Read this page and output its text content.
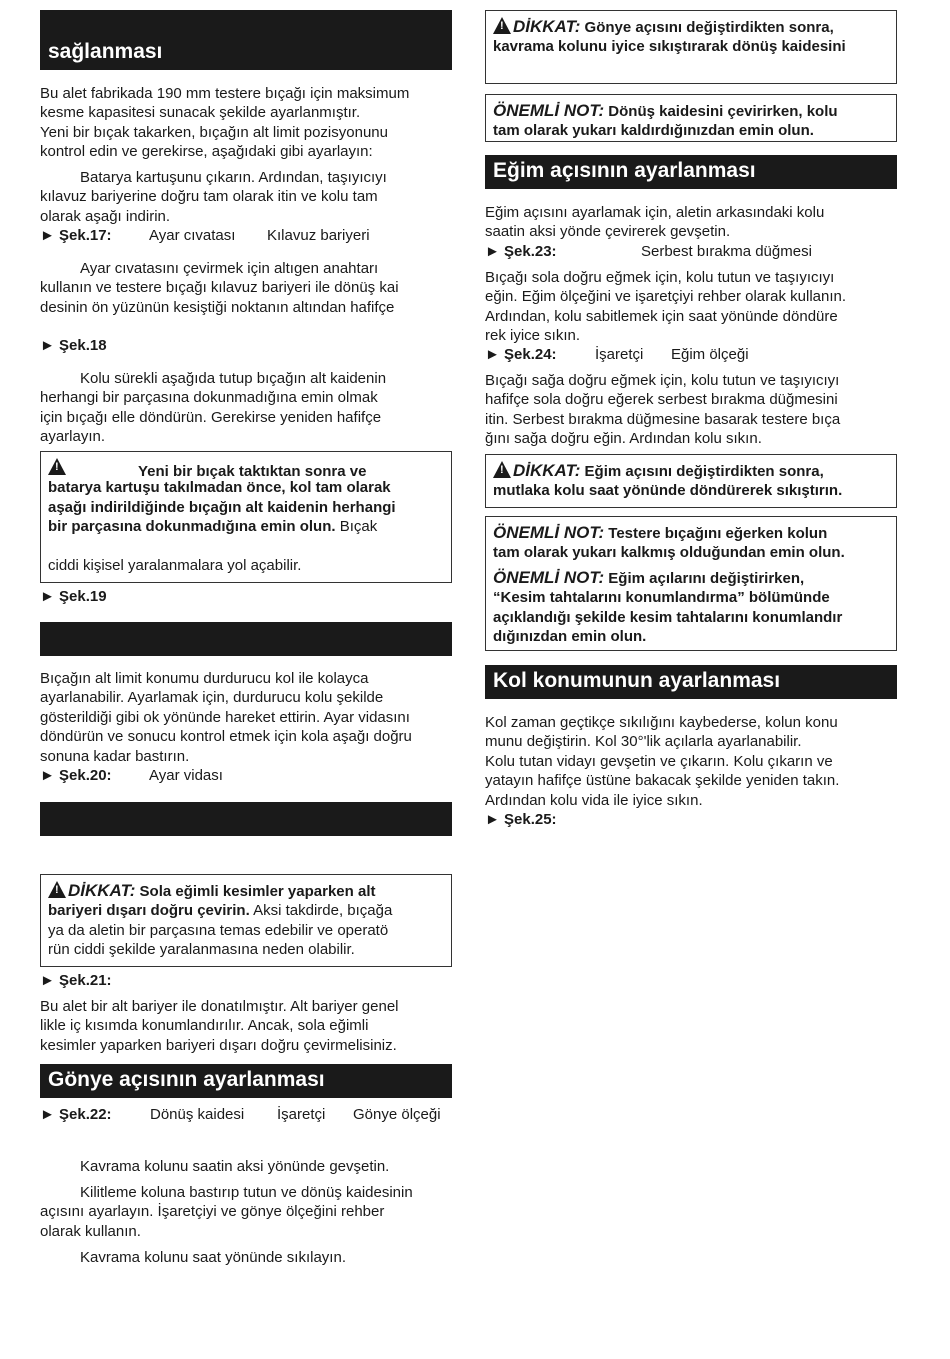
sağlanması

Bu alet fabrikada 190 mm testere bıçağı için maksimum

kesme kapasitesi sunacak şekilde ayarlanmıştır.

Yeni bir bıçak takarken, bıçağın alt limit pozisyonunu

kontrol edin ve gerekirse, aşağıdaki gibi ayarlayın:

Batarya kartuşunu çıkarın. Ardından, taşıyıcıyı

kılavuz bariyerine doğru tam olarak itin ve kolu tam

olarak aşağı indirin.

► Şek.17: Ayar cıvatası Kılavuz bariyeri

Ayar cıvatasını çevirmek için altıgen anahtarı

kullanın ve testere bıçağı kılavuz bariyeri ile dönüş kai

desinin ön yüzünün kesiştiği noktanın altından hafifçe

► Şek.18

Kolu sürekli aşağıda tutup bıçağın alt kaidenin

herhangi bir parçasına dokunmadığına emin olmak

için bıçağı elle döndürün. Gerekirse yeniden hafifçe

ayarlayın.

!
Yeni bir bıçak taktıktan sonra ve

batarya kartuşu takılmadan önce, kol tam olarak

aşağı indirildiğinde bıçağın alt kaidenin herhangi

bir parçasına dokunmadığına emin olun. Bıçak

ciddi kişisel yaralanmalara yol açabilir.

► Şek.19

Bıçağın alt limit konumu durdurucu kol ile kolayca

ayarlanabilir. Ayarlamak için, durdurucu kolu şekilde

gösterildiği gibi ok yönünde hareket ettirin. Ayar vidasını

döndürün ve sonucu kontrol etmek için kola aşağı doğru

sonuna kadar bastırın.

► Şek.20: Ayar vidası

!DİKKAT: Sola eğimli kesimler yaparken alt

bariyeri dışarı doğru çevirin. Aksi takdirde, bıçağa

ya da aletin bir parçasına temas edebilir ve operatö

rün ciddi şekilde yaralanmasına neden olabilir.

► Şek.21:

Bu alet bir alt bariyer ile donatılmıştır. Alt bariyer genel

likle iç kısımda konumlandırılır. Ancak, sola eğimli

kesimler yaparken bariyeri dışarı doğru çevirmelisiniz.

Gönye açısının ayarlanması
► Şek.22:	Dönüş kaidesi İşaretçi Gönye ölçeği

Kavrama kolunu saatin aksi yönünde gevşetin.

Kilitleme koluna bastırıp tutun ve dönüş kaidesinin

açısını ayarlayın. İşaretçiyi ve gönye ölçeğini rehber

olarak kullanın.

Kavrama kolunu saat yönünde sıkılayın.

!DİKKAT: Gönye açısını değiştirdikten sonra,

kavrama kolunu iyice sıkıştırarak dönüş kaidesini

ÖNEMLİ NOT: Dönüş kaidesini çevirirken, kolu

tam olarak yukarı kaldırdığınızdan emin olun.

Eğim açısının ayarlanması

Eğim açısını ayarlamak için, aletin arkasındaki kolu

saatin aksi yönde çevirerek gevşetin.

► Şek.23:	Serbest bırakma düğmesi

Bıçağı sola doğru eğmek için, kolu tutun ve taşıyıcıyı

eğin. Eğim ölçeğini ve işaretçiyi rehber olarak kullanın.

Ardından, kolu sabitlemek için saat yönünde döndüre

rek iyice sıkın.

► Şek.24:	İşaretçi Eğim ölçeği

Bıçağı sağa doğru eğmek için, kolu tutun ve taşıyıcıyı

hafifçe sola doğru eğerek serbest bırakma düğmesini

itin. Serbest bırakma düğmesine basarak testere bıça

ğını sağa doğru eğin. Ardından kolu sıkın.

!DİKKAT: Eğim açısını değiştirdikten sonra,

mutlaka kolu saat yönünde döndürerek sıkıştırın.

ÖNEMLİ NOT: Testere bıçağını eğerken kolun

tam olarak yukarı kalkmış olduğundan emin olun.

ÖNEMLİ NOT: Eğim açılarını değiştirirken,

“Kesim tahtalarını konumlandırma” bölümünde

açıklandığı şekilde kesim tahtalarını konumlandır

dığınızdan emin olun.

Kol konumunun ayarlanması

Kol zaman geçtikçe sıkılığını kaybederse, kolun konu

munu değiştirin. Kol 30°'lik açılarla ayarlanabilir.

Kolu tutan vidayı gevşetin ve çıkarın. Kolu çıkarın ve

yatayın hafifçe üstüne bakacak şekilde yeniden takın.

Ardından kolu vida ile iyice sıkın.

► Şek.25:
